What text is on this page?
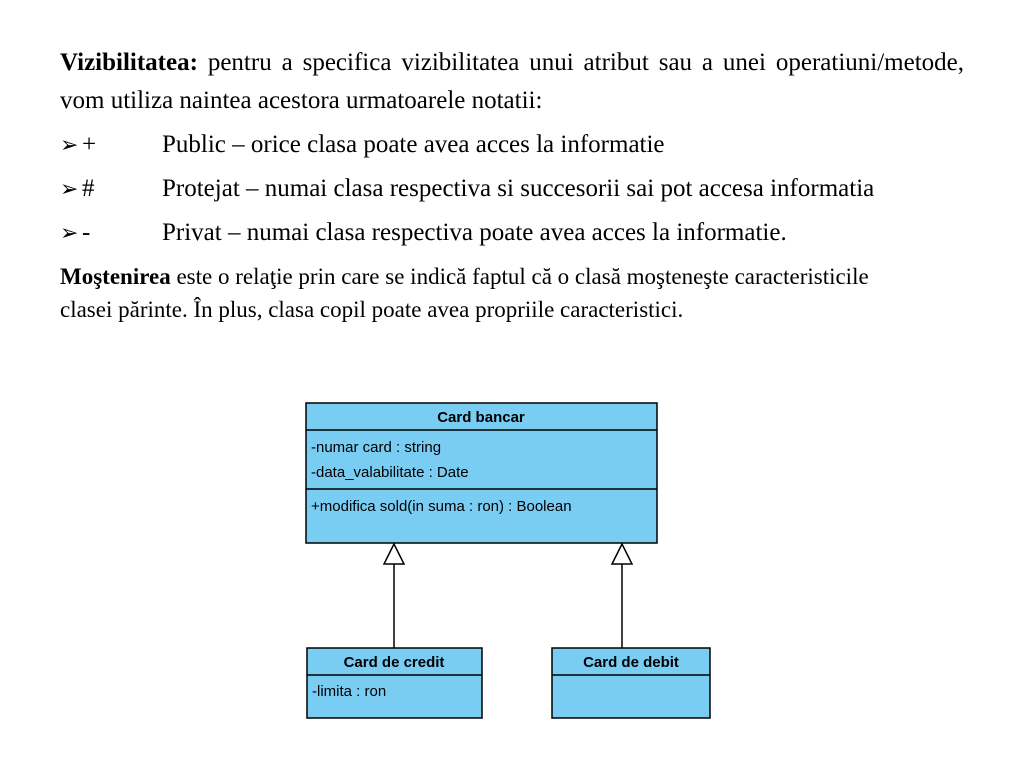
Vizibilitatea: pentru a specifica vizibilitatea unui atribut sau a unei operatiuni/metode, vom utiliza naintea acestora urmatoarele notatii:

➢ +	Public – orice clasa poate avea acces la informatie

➢ #	Protejat – numai clasa respectiva si succesorii sai pot accesa informatia

➢ -	Privat – numai clasa respectiva poate avea acces la informatie.

Moştenirea este o relaţie prin care se indică faptul că o clasă moşteneşte caracteristicile clasei părinte. În plus, clasa copil poate avea propriile caracteristici.

Card bancar
-numar card : string
-data_valabilitate : Date
+modifica sold(in suma : ron) : Boolean
Card de credit
-limita : ron
Card de debit
